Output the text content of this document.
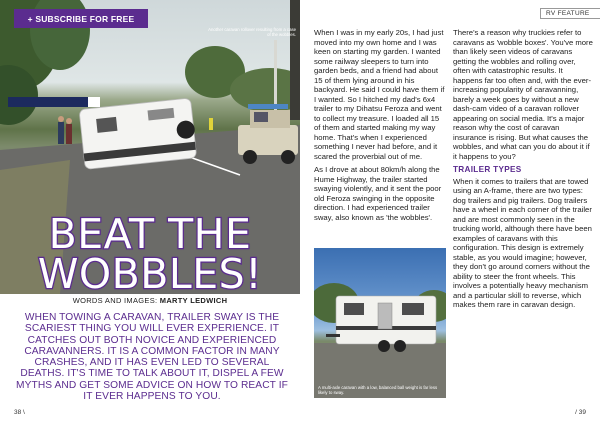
+ SUBSCRIBE FOR FREE
Another caravan rollover resulting from a case of the wobbles.
BEAT THE
WOBBLES!
WORDS AND IMAGES: MARTY LEDWICH
WHEN TOWING A CARAVAN, TRAILER SWAY IS THE SCARIEST THING YOU WILL EVER EXPERIENCE. IT CATCHES OUT BOTH NOVICE AND EXPERIENCED CARAVANNERS. IT IS A COMMON FACTOR IN MANY CRASHES, AND IT HAS EVEN LED TO SEVERAL DEATHS. IT'S TIME TO TALK ABOUT IT, DISPEL A FEW MYTHS AND GET SOME ADVICE ON HOW TO REACT IF IT EVER HAPPENS TO YOU.
38 \
RV FEATURE

When I was in my early 20s, I had just moved into my own home and I was keen on starting my garden. I wanted some railway sleepers to turn into garden beds, and a friend had about 15 of them lying around in his backyard. He said I could have them if I wanted. So I hitched my dad's 6x4 trailer to my Dihatsu Feroza and went to collect my treasure. I loaded all 15 of them and started making my way home. That's when I experienced something I never had before, and it scared the proverbial out of me.

As I drove at about 80km/h along the Hume Highway, the trailer started swaying violently, and it sent the poor old Feroza swinging in the opposite direction. I had experienced trailer sway, also known as 'the wobbles'.

There's a reason why truckies refer to caravans as 'wobble boxes'. You've more than likely seen videos of caravans getting the wobbles and rolling over, often with catastrophic results. It happens far too often and, with the ever-increasing popularity of caravanning, barely a week goes by without a new dash-cam video of a caravan rollover appearing on social media. It's a major reason why the cost of caravan insurance is rising. But what causes the wobbles, and what can you do about it if it happens to you?

TRAILER TYPES

When it comes to trailers that are towed using an A-frame, there are two types: dog trailers and pig trailers. Dog trailers have a wheel in each corner of the trailer and are most commonly seen in the trucking world, although there have been examples of caravans with this configuration. This design is extremely stable, as you would imagine; however, they don't go around corners without the ability to steer the front wheels. This involves a potentially heavy mechanism and a particular skill to reverse, which makes them rare in caravan design.

A multi-axle caravan with a low, balanced ball weight is far less likely to sway.
/ 39
